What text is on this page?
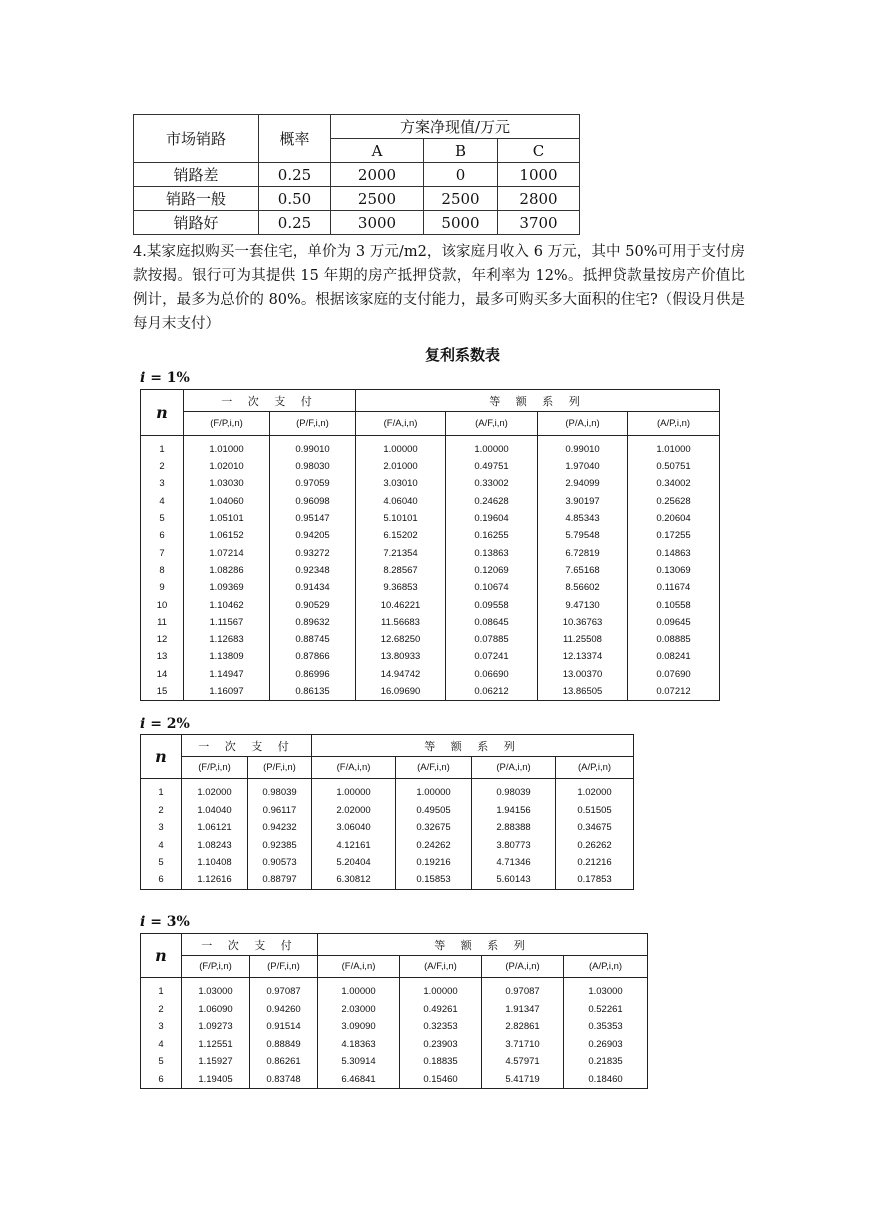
市场销路	概率	方案净现值/万元		
		A	B	C
销路差	0.25	2000	0	1000
销路一般	0.50	2500	2500	2800
销路好	0.25	3000	5000	3700

4.某家庭拟购买一套住宅，单价为 3 万元/m2，该家庭月收入 6 万元，其中 50%可用于支付房款按揭。银行可为其提供 15 年期的房产抵押贷款，年利率为 12%。抵押贷款量按房产价值比例计，最多为总价的 80%。根据该家庭的支付能力，最多可购买多大面积的住宅?（假设月供是每月末支付）

复利系数表
i = 1%
n	一 次 支 付		等 额 系 列			
	(F/P,i,n)	(P/F,i,n)	(F/A,i,n)	(A/F,i,n)	(P/A,i,n)	(A/P,i,n)

1	1.01000	0.99010	1.00000	1.00000	0.99010	1.01000
2	1.02010	0.98030	2.01000	0.49751	1.97040	0.50751
3	1.03030	0.97059	3.03010	0.33002	2.94099	0.34002
4	1.04060	0.96098	4.06040	0.24628	3.90197	0.25628
5	1.05101	0.95147	5.10101	0.19604	4.85343	0.20604
6	1.06152	0.94205	6.15202	0.16255	5.79548	0.17255
7	1.07214	0.93272	7.21354	0.13863	6.72819	0.14863
8	1.08286	0.92348	8.28567	0.12069	7.65168	0.13069
9	1.09369	0.91434	9.36853	0.10674	8.56602	0.11674
10	1.10462	0.90529	10.46221	0.09558	9.47130	0.10558
11	1.11567	0.89632	11.56683	0.08645	10.36763	0.09645
12	1.12683	0.88745	12.68250	0.07885	11.25508	0.08885
13	1.13809	0.87866	13.80933	0.07241	12.13374	0.08241
14	1.14947	0.86996	14.94742	0.06690	13.00370	0.07690
15	1.16097	0.86135	16.09690	0.06212	13.86505	0.07212
i = 2%
n	一 次 支 付		等 额 系 列			
	(F/P,i,n)	(P/F,i,n)	(F/A,i,n)	(A/F,i,n)	(P/A,i,n)	(A/P,i,n)

1	1.02000	0.98039	1.00000	1.00000	0.98039	1.02000
2	1.04040	0.96117	2.02000	0.49505	1.94156	0.51505
3	1.06121	0.94232	3.06040	0.32675	2.88388	0.34675
4	1.08243	0.92385	4.12161	0.24262	3.80773	0.26262
5	1.10408	0.90573	5.20404	0.19216	4.71346	0.21216
6	1.12616	0.88797	6.30812	0.15853	5.60143	0.17853
i = 3%
n	一 次 支 付		等 额 系 列			
	(F/P,i,n)	(P/F,i,n)	(F/A,i,n)	(A/F,i,n)	(P/A,i,n)	(A/P,i,n)

1	1.03000	0.97087	1.00000	1.00000	0.97087	1.03000
2	1.06090	0.94260	2.03000	0.49261	1.91347	0.52261
3	1.09273	0.91514	3.09090	0.32353	2.82861	0.35353
4	1.12551	0.88849	4.18363	0.23903	3.71710	0.26903
5	1.15927	0.86261	5.30914	0.18835	4.57971	0.21835
6	1.19405	0.83748	6.46841	0.15460	5.41719	0.18460
